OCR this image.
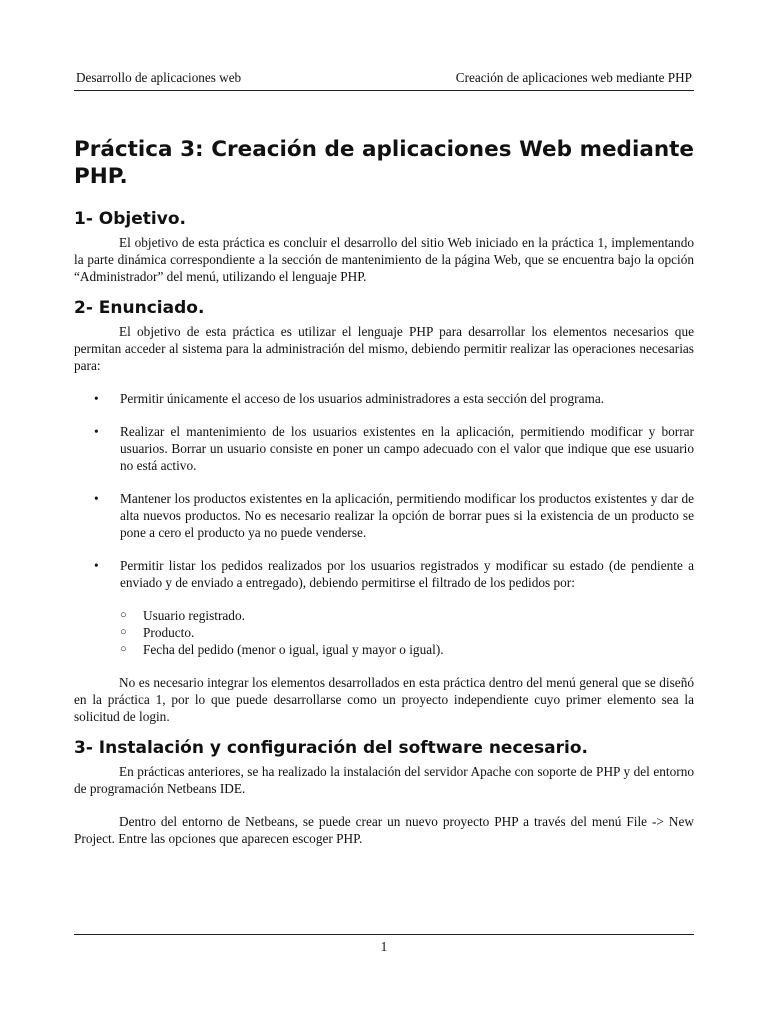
Desarrollo de aplicaciones web	Creación de aplicaciones web mediante PHP
Práctica 3: Creación de aplicaciones Web mediante PHP.
1- Objetivo.

El objetivo de esta práctica es concluir el desarrollo del sitio Web iniciado en la práctica 1, implementando la parte dinámica correspondiente a la sección de mantenimiento de la página Web, que se encuentra bajo la opción “Administrador” del menú, utilizando el lenguaje PHP.

2- Enunciado.

El objetivo de esta práctica es utilizar el lenguaje PHP para desarrollar los elementos necesarios que permitan acceder al sistema para la administración del mismo, debiendo permitir realizar las operaciones necesarias para:

• Permitir únicamente el acceso de los usuarios administradores a esta sección del programa.
• Realizar el mantenimiento de los usuarios existentes en la aplicación, permitiendo modificar y borrar usuarios. Borrar un usuario consiste en poner un campo adecuado con el valor que indique que ese usuario no está activo.
• Mantener los productos existentes en la aplicación, permitiendo modificar los productos existentes y dar de alta nuevos productos. No es necesario realizar la opción de borrar pues si la existencia de un producto se pone a cero el producto ya no puede venderse.
• Permitir listar los pedidos realizados por los usuarios registrados y modificar su estado (de pendiente a enviado y de enviado a entregado), debiendo permitirse el filtrado de los pedidos por:
○ Usuario registrado.
○ Producto.
○ Fecha del pedido (menor o igual, igual y mayor o igual).

No es necesario integrar los elementos desarrollados en esta práctica dentro del menú general que se diseñó en la práctica 1, por lo que puede desarrollarse como un proyecto independiente cuyo primer elemento sea la solicitud de login.

3- Instalación y configuración del software necesario.

En prácticas anteriores, se ha realizado la instalación del servidor Apache con soporte de PHP y del entorno de programación Netbeans IDE.

Dentro del entorno de Netbeans, se puede crear un nuevo proyecto PHP a través del menú File -> New Project. Entre las opciones que aparecen escoger PHP.

1
